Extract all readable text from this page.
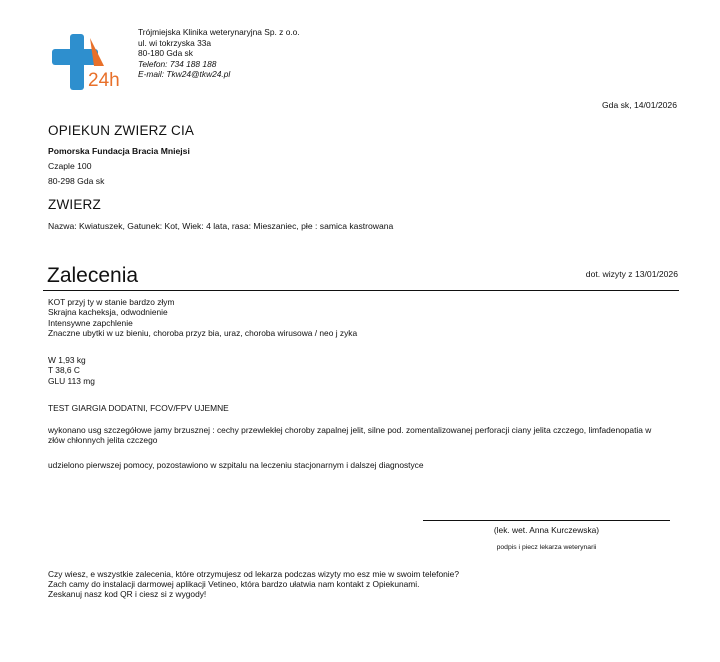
24h
Trójmiejska Klinika weterynaryjna Sp. z o.o.
ul. wi tokrzyska 33a
80-180 Gda sk
Telefon: 734 188 188
E-mail: Tkw24@tkw24.pl
Gda sk, 14/01/2026
OPIEKUN ZWIERZ CIA
Pomorska Fundacja Bracia Mniejsi
Czaple 100
80-298 Gda sk
ZWIERZ
Nazwa: Kwiatuszek, Gatunek: Kot, Wiek: 4 lata, rasa: Mieszaniec, płe : samica kastrowana
Zalecenia	dot. wizyty z 13/01/2026
KOT przyj ty w stanie bardzo złym
Skrajna kacheksja, odwodnienie
Intensywne zapchlenie
Znaczne ubytki w uz bieniu, choroba przyz bia, uraz, choroba wirusowa / neo j zyka
W 1,93 kg
T 38,6 C
GLU 113 mg
TEST GIARGIA DODATNI, FCOV/FPV UJEMNE
wykonano usg szczegółowe jamy brzusznej : cechy przewlekłej choroby zapalnej jelit, silne pod. zomentalizowanej perforacji ciany jelita czczego, limfadenopatia w złów chłonnych jelita czczego
udzielono pierwszej pomocy, pozostawiono w szpitalu na leczeniu stacjonarnym i dalszej diagnostyce
(lek. wet. Anna Kurczewska)
podpis i piecz lekarza weterynarii
Czy wiesz, e wszystkie zalecenia, które otrzymujesz od lekarza podczas wizyty mo esz mie w swoim telefonie?
Zach camy do instalacji darmowej aplikacji Vetineo, która bardzo ułatwia nam kontakt z Opiekunami.
Zeskanuj nasz kod QR i ciesz si z wygody!
